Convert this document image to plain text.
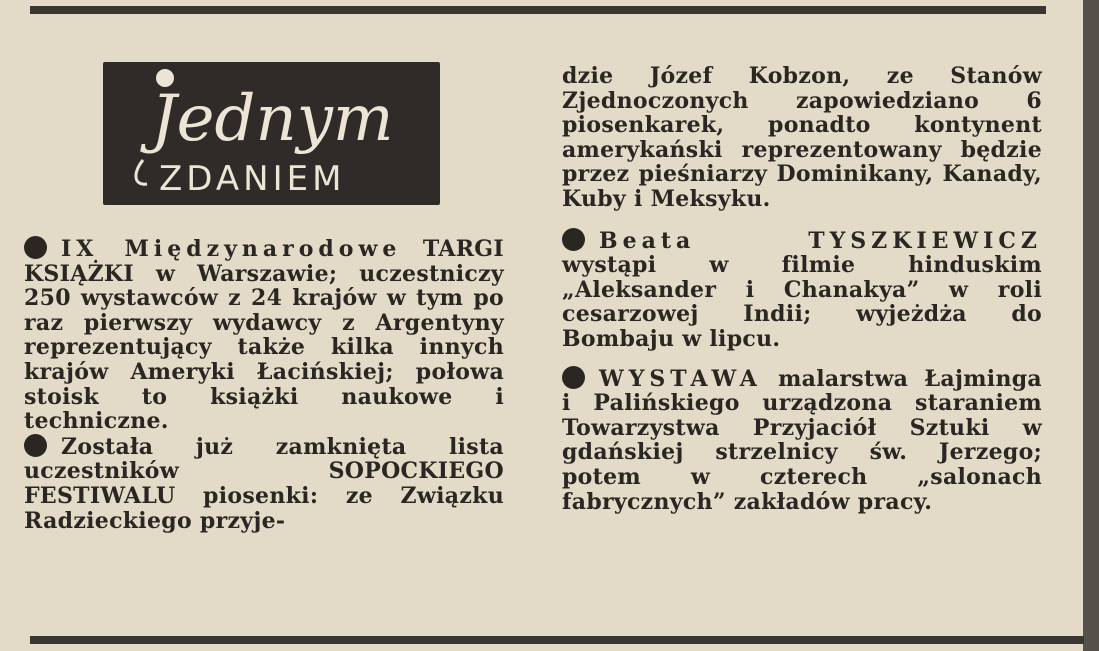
Jednym
ZDANIEM

IX Międzynarodowe TARGI KSIĄŻKI w Warszawie; uczestniczy 250 wystawców z 24 krajów w tym po raz pierwszy wydawcy z Argentyny reprezentujący także kilka innych krajów Ameryki Łacińskiej; połowa stoisk to książki naukowe i techniczne.

Została już zamknięta lista uczestników SOPOCKIEGO FESTIWALU piosenki: ze Związku Radzieckiego przyje-

dzie Józef Kobzon, ze Stanów Zjednoczonych zapowiedziano 6 piosenkarek, ponadto kontynent amerykański reprezentowany będzie przez pieśniarzy Dominikany, Kanady, Kuby i Meksyku.

Beata TYSZKIEWICZ wystąpi w filmie hinduskim „Aleksander i Chanakya” w roli cesarzowej Indii; wyjeżdża do Bombaju w lipcu.

WYSTAWA malarstwa Łajminga i Palińskiego urządzona staraniem Towarzystwa Przyjaciół Sztuki w gdańskiej strzelnicy św. Jerzego; potem w czterech „salonach fabrycznych” zakładów pracy.
